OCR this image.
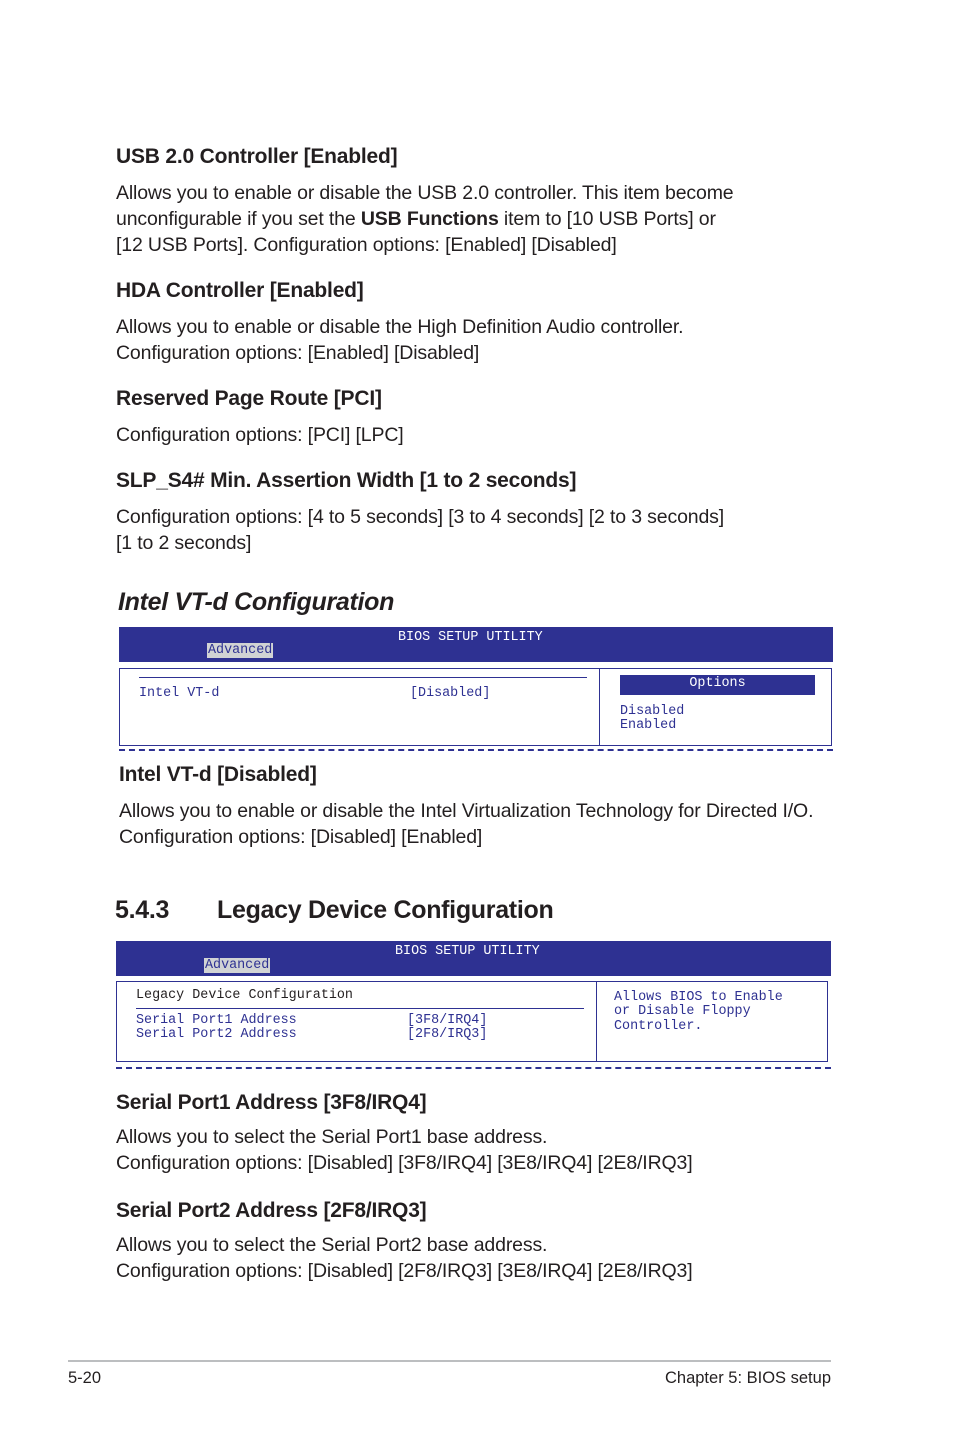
USB 2.0 Controller [Enabled]
Allows you to enable or disable the USB 2.0 controller. This item become
unconfigurable if you set the USB Functions item to [10 USB Ports] or
[12 USB Ports]. Configuration options: [Enabled] [Disabled]
HDA Controller [Enabled]
Allows you to enable or disable the High Definition Audio controller.
Configuration options: [Enabled] [Disabled]
Reserved Page Route [PCI]
Configuration options: [PCI] [LPC]
SLP_S4# Min. Assertion Width [1 to 2 seconds]
Configuration options: [4 to 5 seconds] [3 to 4 seconds] [2 to 3 seconds]
[1 to 2 seconds]
Intel VT-d Configuration
BIOS SETUP UTILITY
Advanced
Intel VT-d	[Disabled]
Options
Disabled
Enabled
Intel VT-d [Disabled]
Allows you to enable or disable the Intel Virtualization Technology for Directed I/O.
Configuration options: [Disabled] [Enabled]
5.4.3 Legacy Device Configuration
BIOS SETUP UTILITY
Advanced
Legacy Device Configuration
Serial Port1 Address	[3F8/IRQ4]
Serial Port2 Address	[2F8/IRQ3]
Allows BIOS to Enable
or Disable Floppy
Controller.
Serial Port1 Address [3F8/IRQ4]
Allows you to select the Serial Port1 base address.
Configuration options: [Disabled] [3F8/IRQ4] [3E8/IRQ4] [2E8/IRQ3]
Serial Port2 Address [2F8/IRQ3]
Allows you to select the Serial Port2 base address.
Configuration options: [Disabled] [2F8/IRQ3] [3E8/IRQ4] [2E8/IRQ3]
5-20	Chapter 5: BIOS setup
